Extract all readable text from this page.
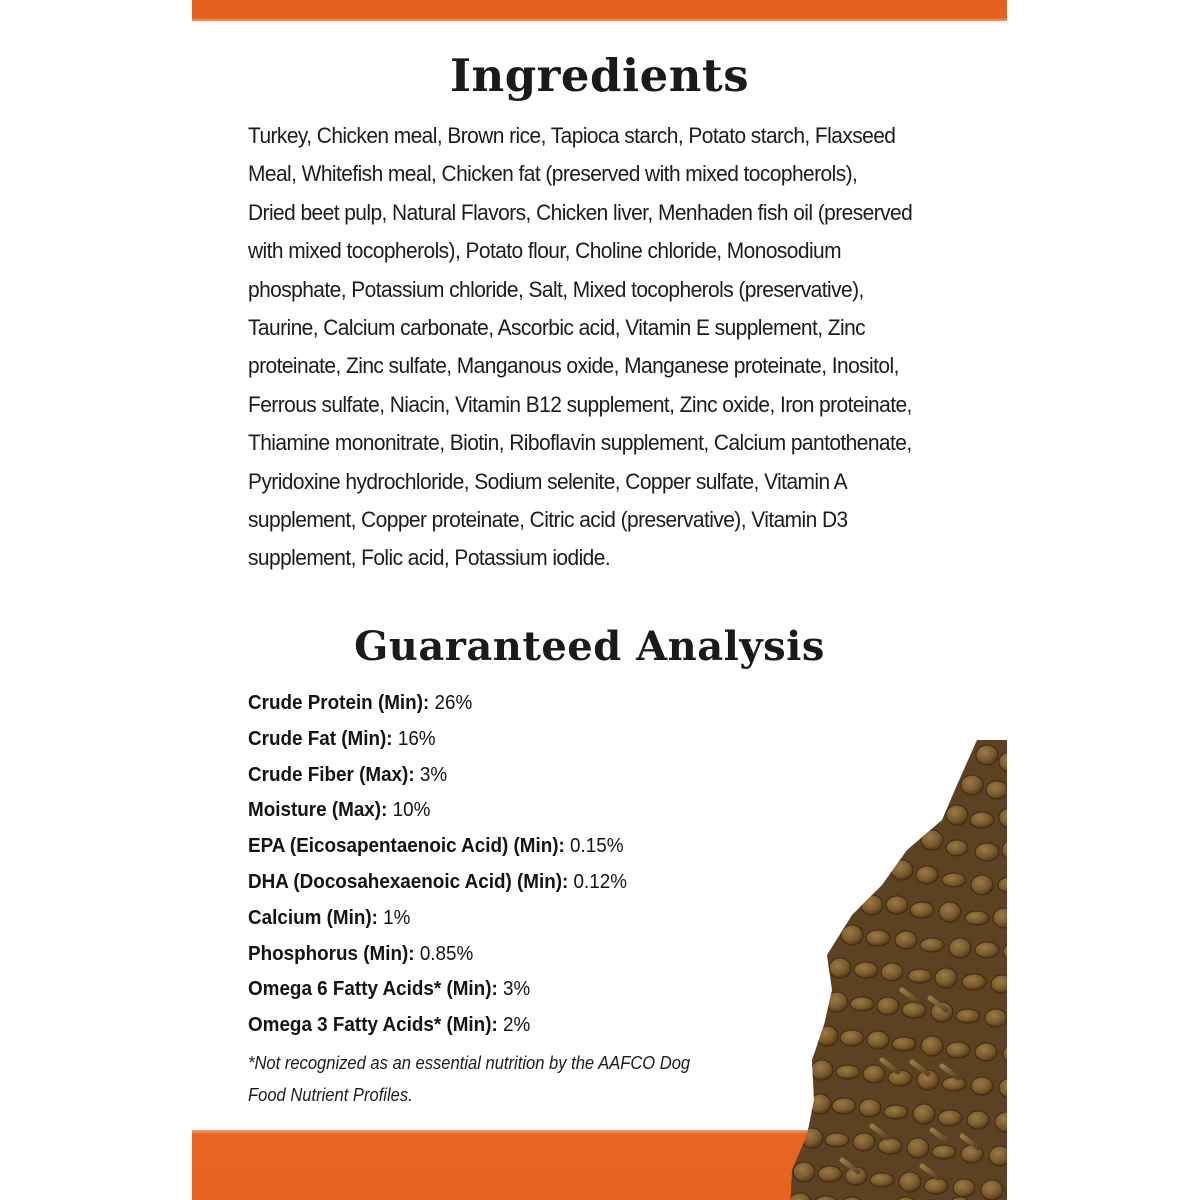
Ingredients

Turkey, Chicken meal, Brown rice, Tapioca starch, Potato starch, Flaxseed
Meal, Whitefish meal, Chicken fat (preserved with mixed tocopherols),
Dried beet pulp, Natural Flavors, Chicken liver, Menhaden fish oil (preserved
with mixed tocopherols), Potato flour, Choline chloride, Monosodium
phosphate, Potassium chloride, Salt, Mixed tocopherols (preservative),
Taurine, Calcium carbonate, Ascorbic acid, Vitamin E supplement, Zinc
proteinate, Zinc sulfate, Manganous oxide, Manganese proteinate, Inositol,
Ferrous sulfate, Niacin, Vitamin B12 supplement, Zinc oxide, Iron proteinate,
Thiamine mononitrate, Biotin, Riboflavin supplement, Calcium pantothenate,
Pyridoxine hydrochloride, Sodium selenite, Copper sulfate, Vitamin A
supplement, Copper proteinate, Citric acid (preservative), Vitamin D3
supplement, Folic acid, Potassium iodide.

Guaranteed Analysis
Crude Protein (Min): 26%
Crude Fat (Min): 16%
Crude Fiber (Max): 3%
Moisture (Max): 10%
EPA (Eicosapentaenoic Acid) (Min): 0.15%
DHA (Docosahexaenoic Acid) (Min): 0.12%
Calcium (Min): 1%
Phosphorus (Min): 0.85%
Omega 6 Fatty Acids* (Min): 3%
Omega 3 Fatty Acids* (Min): 2%

*Not recognized as an essential nutrition by the AAFCO Dog
Food Nutrient Profiles.
